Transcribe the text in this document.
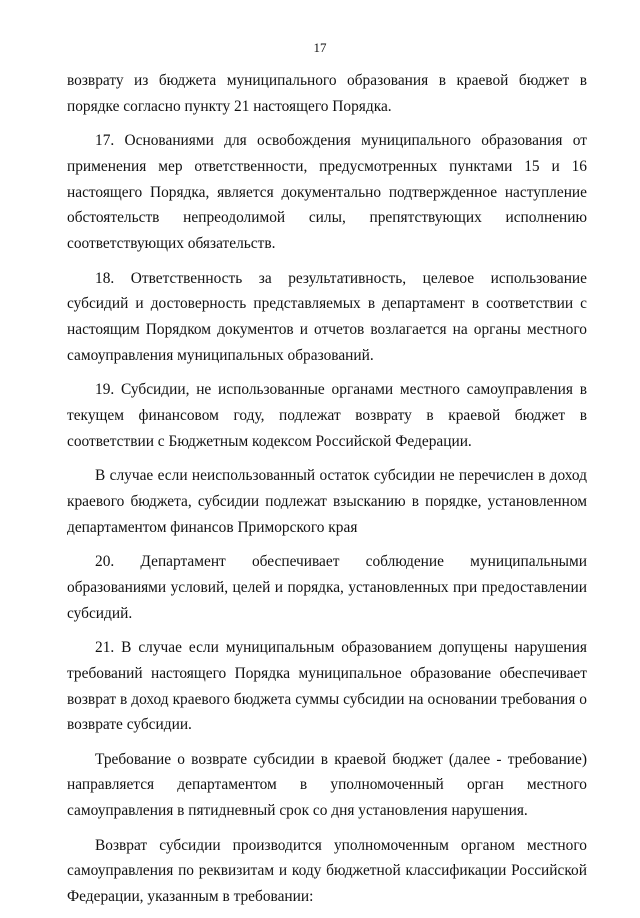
17

возврату из бюджета муниципального образования в краевой бюджет в порядке согласно пункту 21 настоящего Порядка.

17. Основаниями для освобождения муниципального образования от применения мер ответственности, предусмотренных пунктами 15 и 16 настоящего Порядка, является документально подтвержденное наступление обстоятельств непреодолимой силы, препятствующих исполнению соответствующих обязательств.

18. Ответственность за результативность, целевое использование субсидий и достоверность представляемых в департамент в соответствии с настоящим Порядком документов и отчетов возлагается на органы местного самоуправления муниципальных образований.

19. Субсидии, не использованные органами местного самоуправления в текущем финансовом году, подлежат возврату в краевой бюджет в соответствии с Бюджетным кодексом Российской Федерации.

В случае если неиспользованный остаток субсидии не перечислен в доход краевого бюджета, субсидии подлежат взысканию в порядке, установленном департаментом финансов Приморского края

20. Департамент обеспечивает соблюдение муниципальными образованиями условий, целей и порядка, установленных при предоставлении субсидий.

21. В случае если муниципальным образованием допущены нарушения требований настоящего Порядка муниципальное образование обеспечивает возврат в доход краевого бюджета суммы субсидии на основании требования о возврате субсидии.

Требование о возврате субсидии в краевой бюджет (далее - требование) направляется департаментом в уполномоченный орган местного самоуправления в пятидневный срок со дня установления нарушения.

Возврат субсидии производится уполномоченным органом местного самоуправления по реквизитам и коду бюджетной классификации Российской Федерации, указанным в требовании:
